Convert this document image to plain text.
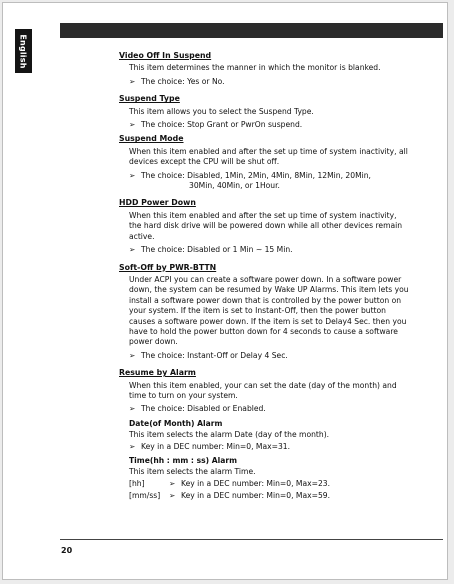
English	Video Off In Suspend
This item determines the manner in which the monitor is blanked.
➢ The choice: Yes or No.
Suspend Type
This item allows you to select the Suspend Type.
➢ The choice: Stop Grant or PwrOn suspend.
Suspend Mode
When this item enabled and after the set up time of system inactivity, all devices except the CPU will be shut off.
➢ The choice: Disabled, 1Min, 2Min, 4Min, 8Min, 12Min, 20Min,
30Min, 40Min, or 1Hour.
HDD Power Down
When this item enabled and after the set up time of system inactivity, the hard disk drive will be powered down while all other devices remain active.
➢ The choice: Disabled or 1 Min ~ 15 Min.
Soft-Off by PWR-BTTN
Under ACPI you can create a software power down. In a software power down, the system can be resumed by Wake UP Alarms. This item lets you install a software power down that is controlled by the power button on your system. If the item is set to Instant-Off, then the power button causes a software power down. If the item is set to Delay4 Sec. then you have to hold the power button down for 4 seconds to cause a software power down.
➢ The choice: Instant-Off or Delay 4 Sec.
Resume by Alarm
When this item enabled, your can set the date (day of the month) and time to turn on your system.
➢ The choice: Disabled or Enabled.
Date(of Month) Alarm
This item selects the alarm Date (day of the month).
➢ Key in a DEC number: Min=0, Max=31.
Time(hh : mm : ss) Alarm
This item selects the alarm Time.
[hh]	➢ Key in a DEC number: Min=0, Max=23.
[mm/ss]	➢ Key in a DEC number: Min=0, Max=59.
20
